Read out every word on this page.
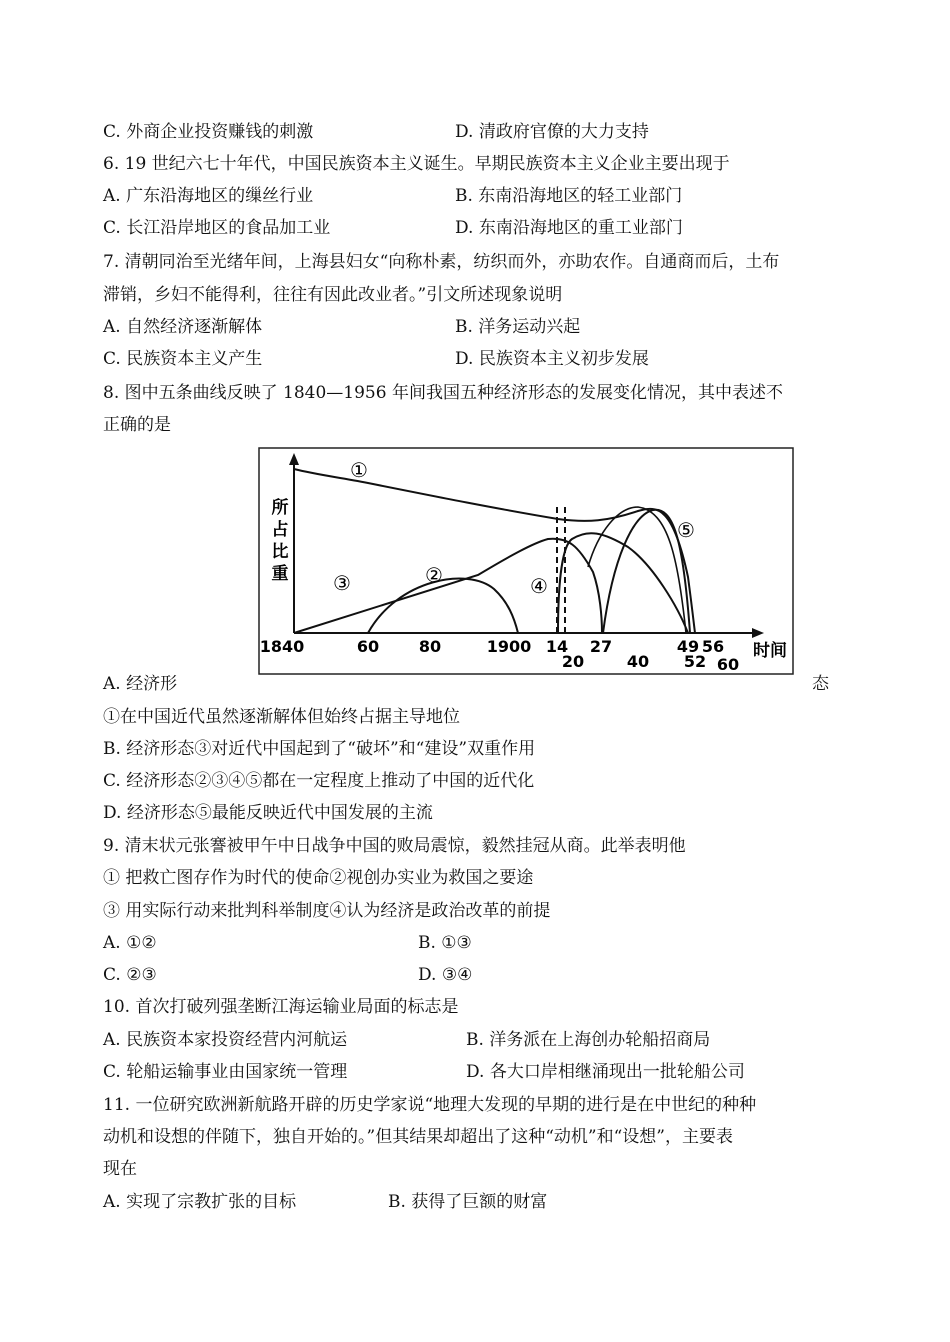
C. 外商企业投资赚钱的刺激	D. 清政府官僚的大力支持
6. 19 世纪六七十年代，中国民族资本主义诞生。早期民族资本主义企业主要出现于
A. 广东沿海地区的缫丝行业	B. 东南沿海地区的轻工业部门
C. 长江沿岸地区的食品加工业	D. 东南沿海地区的重工业部门
7. 清朝同治至光绪年间，上海县妇女“向称朴素，纺织而外，亦助农作。自通商而后，土布
滞销，乡妇不能得利，往往有因此改业者。”引文所述现象说明
A. 自然经济逐渐解体	B. 洋务运动兴起
C. 民族资本主义产生	D. 民族资本主义初步发展
8. 图中五条曲线反映了 1840—1956 年间我国五种经济形态的发展变化情况，其中表述不
正确的是
所
占
比
重
①
②
③	④
⑤
1840	60 80	1900 14 27	49 56
20	40 52 60
时间
A. 经济形	态
①在中国近代虽然逐渐解体但始终占据主导地位
B. 经济形态③对近代中国起到了“破坏”和“建设”双重作用
C. 经济形态②③④⑤都在一定程度上推动了中国的近代化
D. 经济形态⑤最能反映近代中国发展的主流
9. 清末状元张謇被甲午中日战争中国的败局震惊，毅然挂冠从商。此举表明他
① 把救亡图存作为时代的使命②视创办实业为救国之要途
③ 用实际行动来批判科举制度④认为经济是政治改革的前提
A. ①②	B. ①③
C. ②③	D. ③④
10. 首次打破列强垄断江海运输业局面的标志是
A. 民族资本家投资经营内河航运	B. 洋务派在上海创办轮船招商局
C. 轮船运输事业由国家统一管理	D. 各大口岸相继涌现出一批轮船公司
11. 一位研究欧洲新航路开辟的历史学家说“地理大发现的早期的进行是在中世纪的种种
动机和设想的伴随下，独自开始的。”但其结果却超出了这种“动机”和“设想”，主要表
现在
A. 实现了宗教扩张的目标	B. 获得了巨额的财富
